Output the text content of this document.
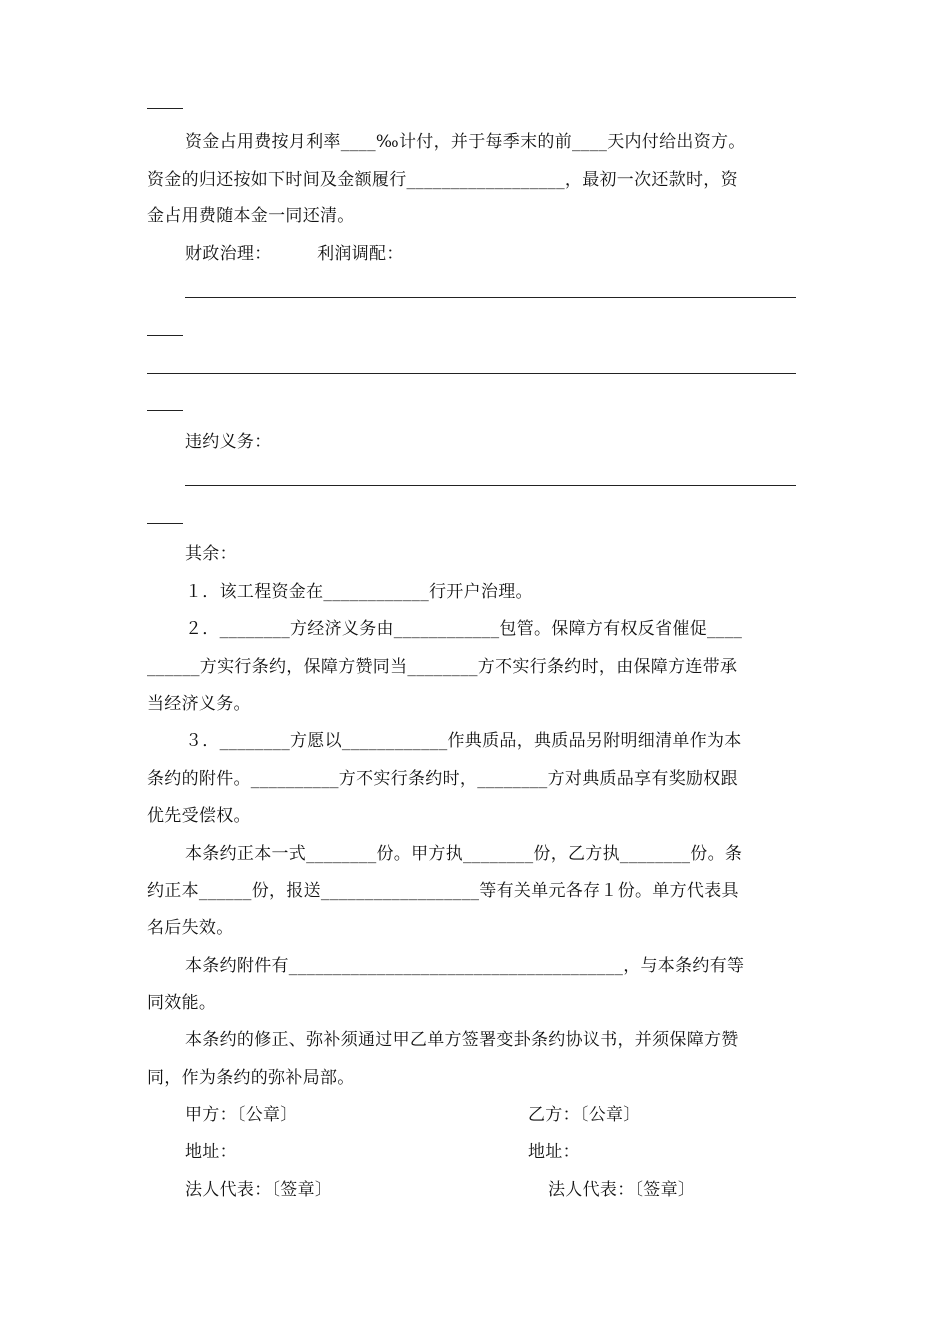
资金占用费按月利率____‰计付，并于每季末的前____天内付给出资方。
资金的归还按如下时间及金额履行__________________，最初一次还款时，资
金占用费随本金一同还清。
财政治理：        利润调配：
违约义务：
其余：
１．该工程资金在____________行开户治理。
２．________方经济义务由____________包管。保障方有权反省催促____
______方实行条约，保障方赞同当________方不实行条约时，由保障方连带承
当经济义务。
３．________方愿以____________作典质品，典质品另附明细清单作为本
条约的附件。__________方不实行条约时，________方对典质品享有奖励权跟
优先受偿权。
本条约正本一式________份。甲方执________份，乙方执________份。条
约正本______份，报送__________________等有关单元各存１份。单方代表具
名后失效。
本条约附件有______________________________________，与本条约有等
同效能。
本条约的修正、弥补须通过甲乙单方签署变卦条约协议书，并须保障方赞
同，作为条约的弥补局部。
甲方：〔公章〕	乙方：〔公章〕
地址：	地址：
法人代表：〔签章〕	法人代表：〔签章〕
